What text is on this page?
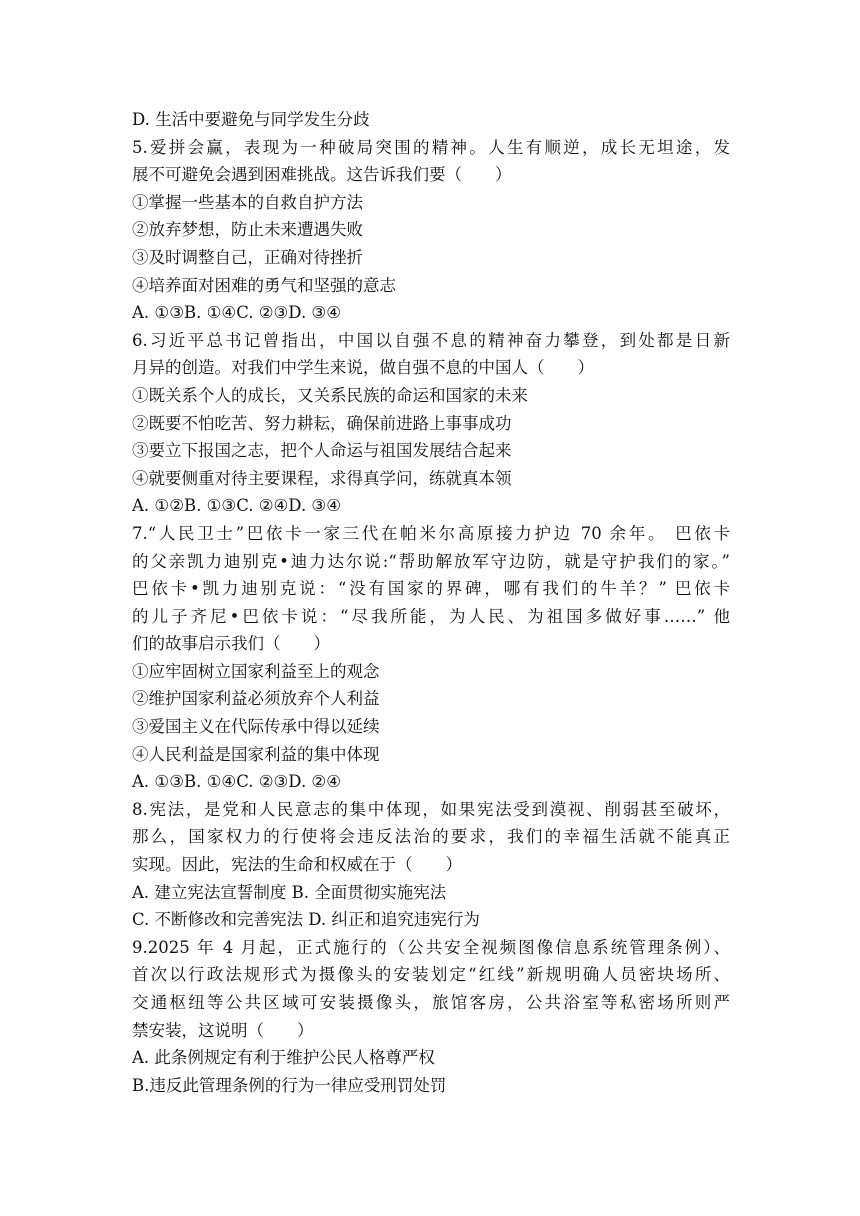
D. 生活中要避免与同学发生分歧
5.爱拼会赢，表现为一种破局突围的精神。人生有顺逆，成长无坦途，发
展不可避免会遇到困难挑战。这告诉我们要（　　）
①掌握一些基本的自救自护方法
②放弃梦想，防止未来遭遇失败
③及时调整自己，正确对待挫折
④培养面对困难的勇气和坚强的意志
A. ①③B. ①④C. ②③D. ③④
6.习近平总书记曾指出，中国以自强不息的精神奋力攀登，到处都是日新
月异的创造。对我们中学生来说，做自强不息的中国人（　　）
①既关系个人的成长，又关系民族的命运和国家的未来
②既要不怕吃苦、努力耕耘，确保前进路上事事成功
③要立下报国之志，把个人命运与祖国发展结合起来
④就要侧重对待主要课程，求得真学问，练就真本领
A. ①②B. ①③C. ②④D. ③④
7.“人民卫士”巴依卡一家三代在帕米尔高原接力护边 70 余年。 巴依卡
的父亲凯力迪别克•迪力达尔说:“帮助解放军守边防，就是守护我们的家。”
巴依卡•凯力迪别克说：“没有国家的界碑，哪有我们的牛羊？” 巴依卡
的儿子齐尼•巴依卡说：“尽我所能，为人民、为祖国多做好事……” 他
们的故事启示我们（　　）
①应牢固树立国家利益至上的观念
②维护国家利益必须放弃个人利益
③爱国主义在代际传承中得以延续
④人民利益是国家利益的集中体现
A. ①③B. ①④C. ②③D. ②④
8.宪法，是党和人民意志的集中体现，如果宪法受到漠视、削弱甚至破坏，
那么，国家权力的行使将会违反法治的要求，我们的幸福生活就不能真正
实现。因此，宪法的生命和权威在于（　　）
A. 建立宪法宣誓制度 B. 全面贯彻实施宪法
C. 不断修改和完善宪法 D. 纠正和追究违宪行为
9.2025 年 4 月起，正式施行的（公共安全视频图像信息系统管理条例）、
首次以行政法规形式为摄像头的安装划定“红线”新规明确人员密块场所、
交通枢纽等公共区域可安装摄像头，旅馆客房，公共浴室等私密场所则严
禁安装，这说明（　　）
A. 此条例规定有利于维护公民人格尊严权
B.违反此管理条例的行为一律应受刑罚处罚
